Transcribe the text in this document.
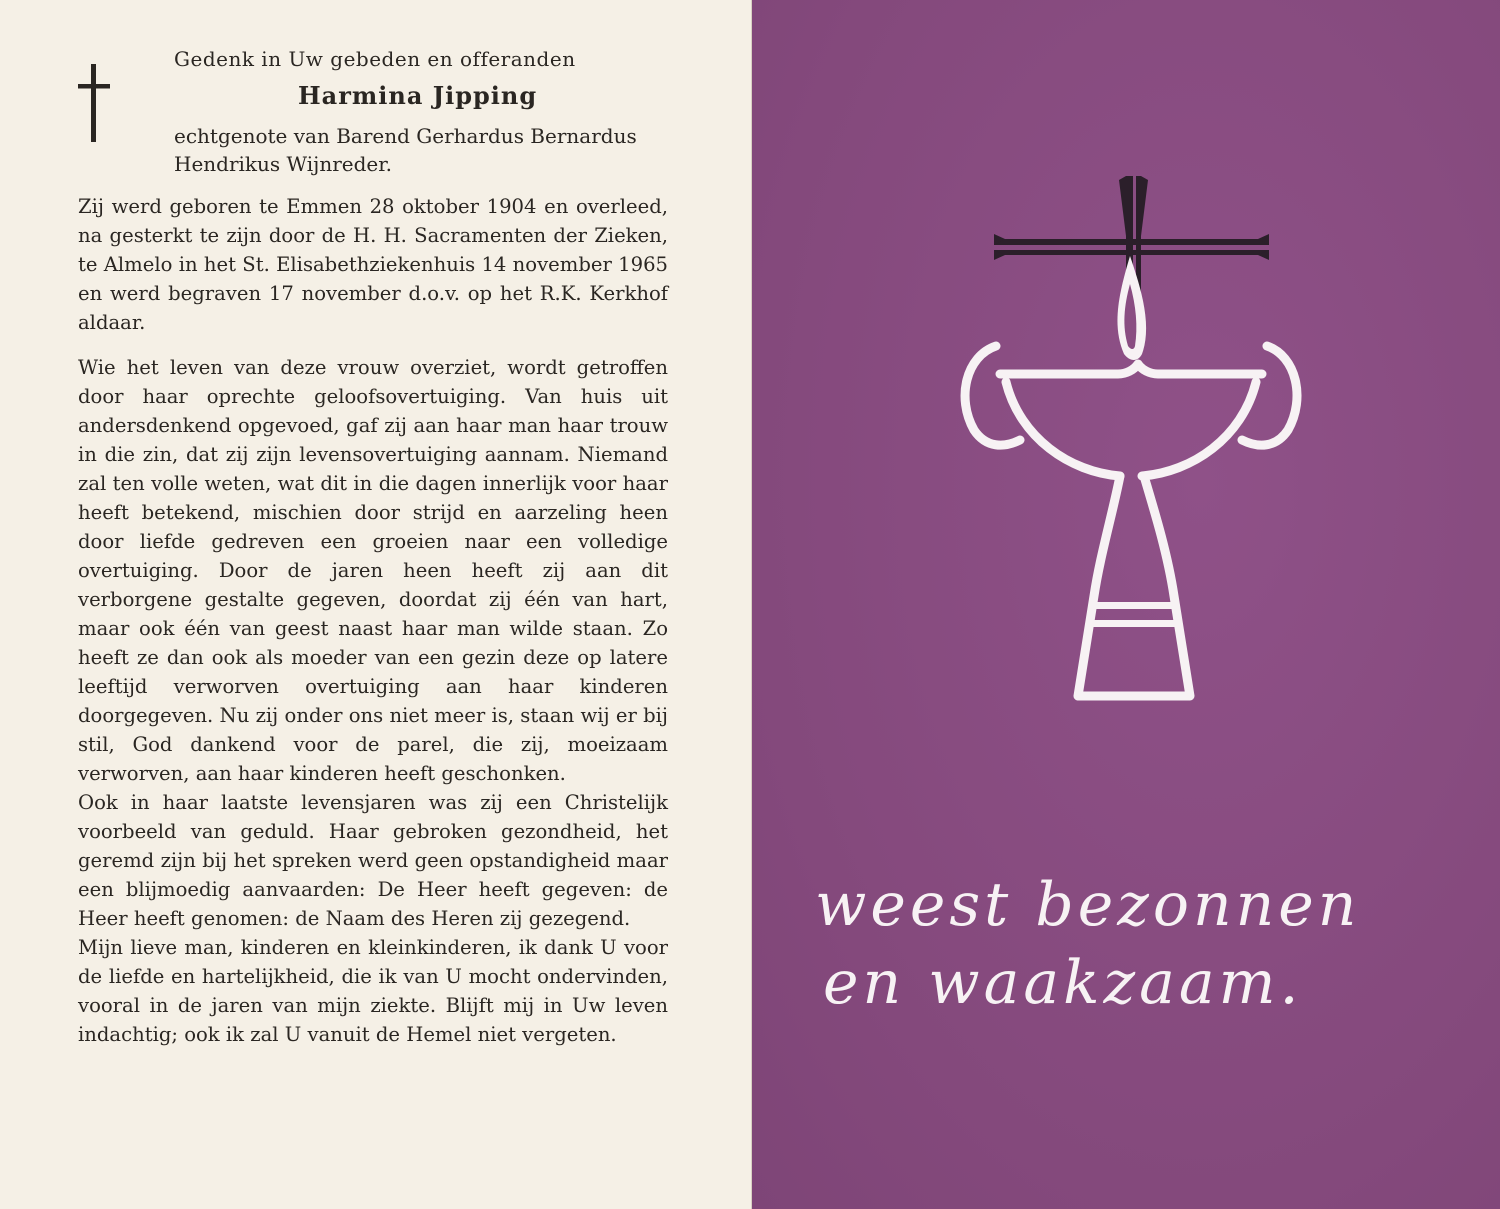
Gedenk in Uw gebeden en offeranden

Harmina Jipping

echtgenote van Barend Gerhardus Bernardus

Hendrikus Wijnreder.

Zij werd geboren te Emmen 28 oktober 1904 en overleed, na gesterkt te zijn door de H. H. Sacramenten der Zieken, te Almelo in het St. Elisabethziekenhuis 14 november 1965 en werd begraven 17 november d.o.v. op het R.K. Kerkhof aldaar.

Wie het leven van deze vrouw overziet, wordt getroffen door haar oprechte geloofsovertuiging. Van huis uit andersdenkend opgevoed, gaf zij aan haar man haar trouw in die zin, dat zij zijn levensovertuiging aannam. Niemand zal ten volle weten, wat dit in die dagen innerlijk voor haar heeft betekend, mischien door strijd en aarzeling heen door liefde gedreven een groeien naar een volledige overtuiging. Door de jaren heen heeft zij aan dit verborgene gestalte gegeven, doordat zij één van hart, maar ook één van geest naast haar man wilde staan. Zo heeft ze dan ook als moeder van een gezin deze op latere leeftijd verworven overtuiging aan haar kinderen doorgegeven. Nu zij onder ons niet meer is, staan wij er bij stil, God dankend voor de parel, die zij, moeizaam verworven, aan haar kinderen heeft geschonken.

Ook in haar laatste levensjaren was zij een Christelijk voorbeeld van geduld. Haar gebroken gezondheid, het geremd zijn bij het spreken werd geen opstandigheid maar een blijmoedig aanvaarden: De Heer heeft gegeven: de Heer heeft genomen: de Naam des Heren zij gezegend.

Mijn lieve man, kinderen en kleinkinderen, ik dank U voor de liefde en hartelijkheid, die ik van U mocht ondervinden, vooral in de jaren van mijn ziekte. Blijft mij in Uw leven indachtig; ook ik zal U vanuit de Hemel niet vergeten.

weest bezonnen
en waakzaam.
